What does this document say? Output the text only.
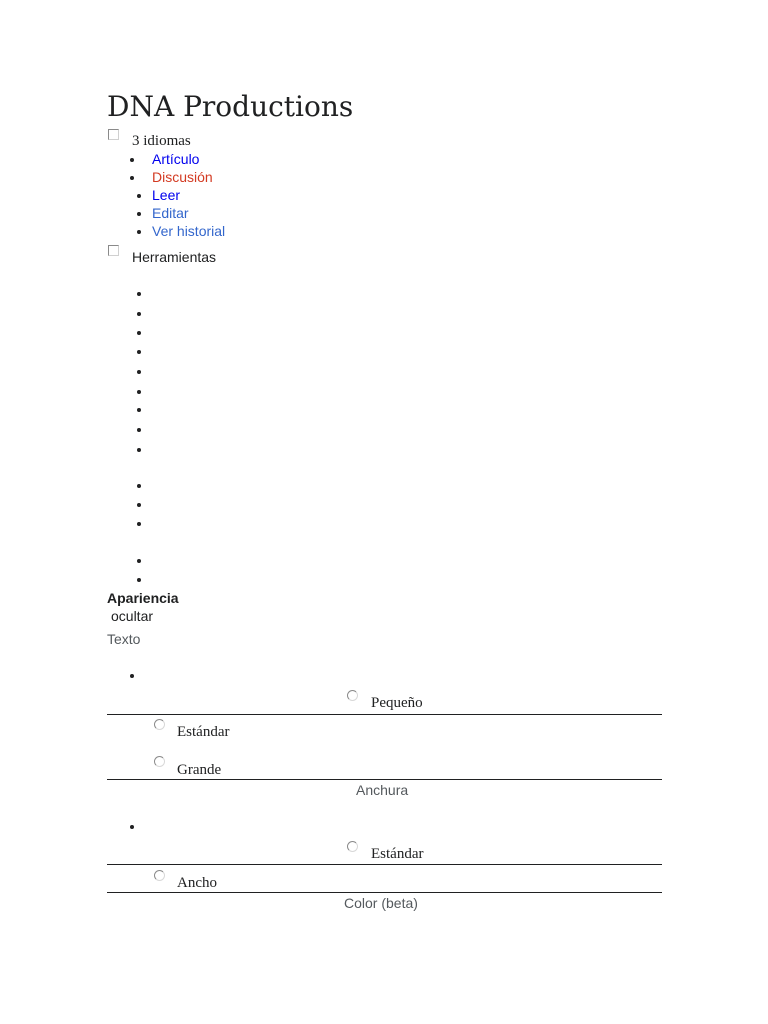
DNA Productions
3 idiomas
Artículo
Discusión
Leer
Editar
Ver historial
Herramientas
Apariencia
ocultar
Texto
Pequeño
Estándar
Grande
Anchura
Estándar
Ancho
Color (beta)
